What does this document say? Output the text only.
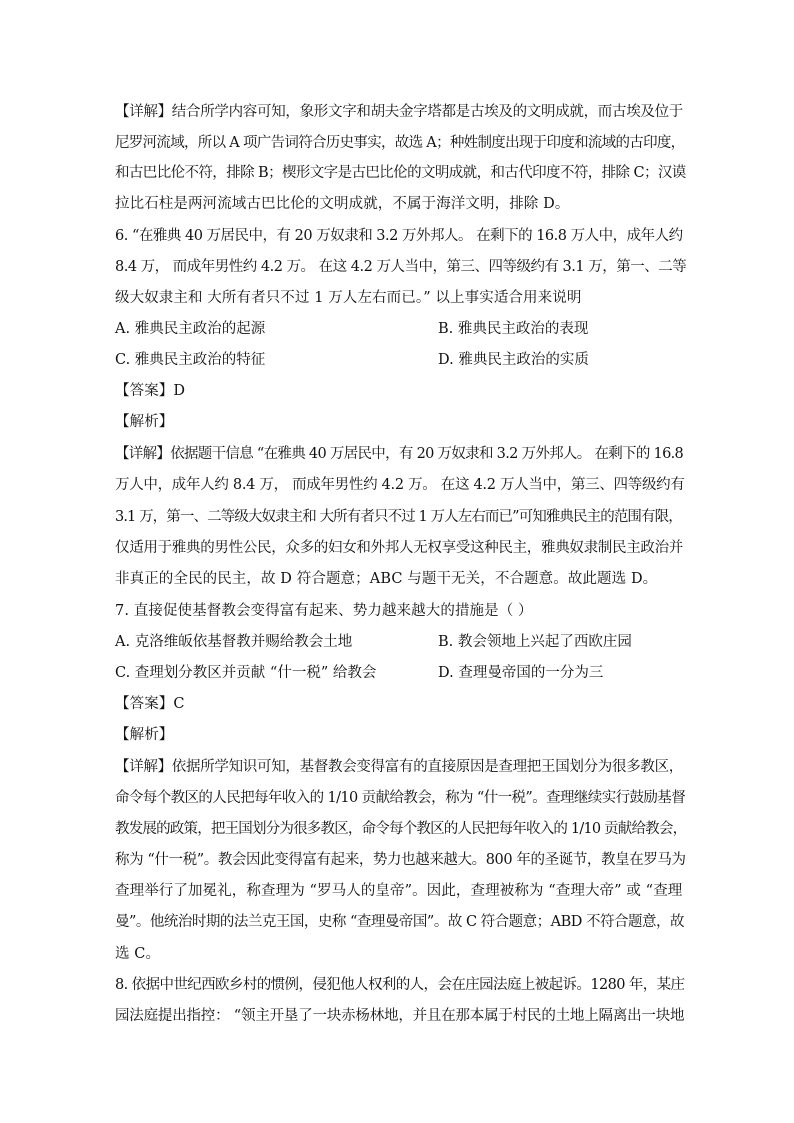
【详解】结合所学内容可知，象形文字和胡夫金字塔都是古埃及的文明成就，而古埃及位于
尼罗河流域，所以 A 项广告词符合历史事实，故选 A；种姓制度出现于印度和流域的古印度，
和古巴比伦不符，排除 B；楔形文字是古巴比伦的文明成就，和古代印度不符，排除 C；汉谟
拉比石柱是两河流域古巴比伦的文明成就，不属于海洋文明，排除 D。
6. “在雅典 40 万居民中，有 20 万奴隶和 3.2 万外邦人。 在剩下的 16.8 万人中，成年人约
8.4 万， 而成年男性约 4.2 万。 在这 4.2 万人当中，第三、四等级约有 3.1 万，第一、二等
级大奴隶主和 大所有者只不过 1 万人左右而已。” 以上事实适合用来说明
A. 雅典民主政治的起源	B. 雅典民主政治的表现
C. 雅典民主政治的特征	D. 雅典民主政治的实质
【答案】D
【解析】
【详解】依据题干信息 “在雅典 40 万居民中，有 20 万奴隶和 3.2 万外邦人。 在剩下的 16.8
万人中，成年人约 8.4 万， 而成年男性约 4.2 万。 在这 4.2 万人当中，第三、四等级约有
3.1 万，第一、二等级大奴隶主和 大所有者只不过 1 万人左右而已”可知雅典民主的范围有限，
仅适用于雅典的男性公民，众多的妇女和外邦人无权享受这种民主，雅典奴隶制民主政治并
非真正的全民的民主，故 D 符合题意；ABC 与题干无关，不合题意。故此题选 D。
7. 直接促使基督教会变得富有起来、势力越来越大的措施是（ ）
A. 克洛维皈依基督教并赐给教会土地	B. 教会领地上兴起了西欧庄园
C. 查理划分教区并贡献 “什一税” 给教会	D. 查理曼帝国的一分为三
【答案】C
【解析】
【详解】依据所学知识可知，基督教会变得富有的直接原因是查理把王国划分为很多教区，
命令每个教区的人民把每年收入的 1/10 贡献给教会，称为 “什一税”。查理继续实行鼓励基督
教发展的政策，把王国划分为很多教区，命令每个教区的人民把每年收入的 1/10 贡献给教会，
称为 “什一税”。教会因此变得富有起来，势力也越来越大。800 年的圣诞节，教皇在罗马为
查理举行了加冕礼，称查理为 “罗马人的皇帝”。因此，查理被称为 “查理大帝” 或 “查理
曼”。他统治时期的法兰克王国，史称 “查理曼帝国”。故 C 符合题意；ABD 不符合题意，故
选 C。
8. 依据中世纪西欧乡村的惯例，侵犯他人权利的人，会在庄园法庭上被起诉。1280 年，某庄
园法庭提出指控： “领主开垦了一块赤杨林地，并且在那本属于村民的土地上隔离出一块地
